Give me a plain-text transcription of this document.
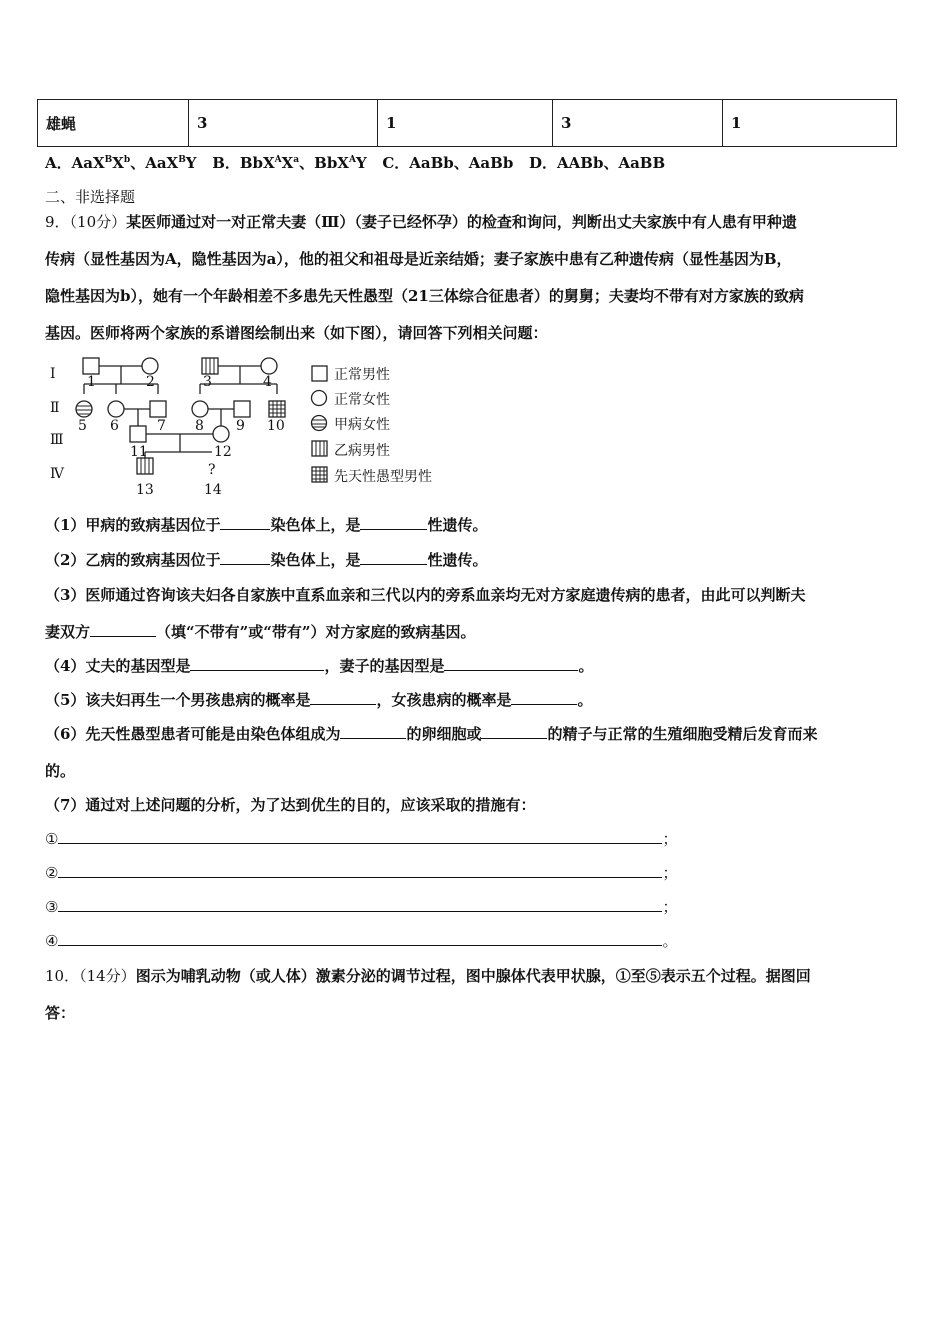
雄蝇	3	1	3	1
A．$AaX^BX^b$、AaX$^B$Y B．$BbX^AX^a$、BbX$^A$Y C．AaBb、AaBb D．AABb、AaBB
二、非选择题
9．（10分）某医师通过对一对正常夫妻（Ⅲ）（妻子已经怀孕）的检查和询问，判断出丈夫家族中有人患有甲种遗
传病（显性基因为A，隐性基因为a），他的祖父和祖母是近亲结婚；妻子家族中患有乙种遗传病（显性基因为B，
隐性基因为b），她有一个年龄相差不多患先天性愚型（21三体综合征患者）的舅舅；夫妻均不带有对方家族的致病
基因。医师将两个家族的系谱图绘制出来（如下图），请回答下列相关问题：
Ⅰ
Ⅱ
Ⅲ
Ⅳ
1	2	3	4
5 6	7 8 9 10
11	12
13	14
?
正常男性
正常女性
甲病女性
乙病男性
先天性愚型男性
（1）甲病的致病基因位于	染色体上，是	性遗传。
（2）乙病的致病基因位于	染色体上，是	性遗传。
（3）医师通过咨询该夫妇各自家族中直系血亲和三代以内的旁系血亲均无对方家庭遗传病的患者，由此可以判断夫
妻双方	（填“不带有”或“带有”）对方家庭的致病基因。
（4）丈夫的基因型是	，妻子的基因型是	。
（5）该夫妇再生一个男孩患病的概率是	，女孩患病的概率是	。
（6）先天性愚型患者可能是由染色体组成为	的卵细胞或	的精子与正常的生殖细胞受精后发育而来
的。
（7）通过对上述问题的分析，为了达到优生的目的，应该采取的措施有：
①	；
②	；
③	；
④	。
10．（14分）图示为哺乳动物（或人体）激素分泌的调节过程，图中腺体代表甲状腺，①至⑤表示五个过程。据图回
答：
